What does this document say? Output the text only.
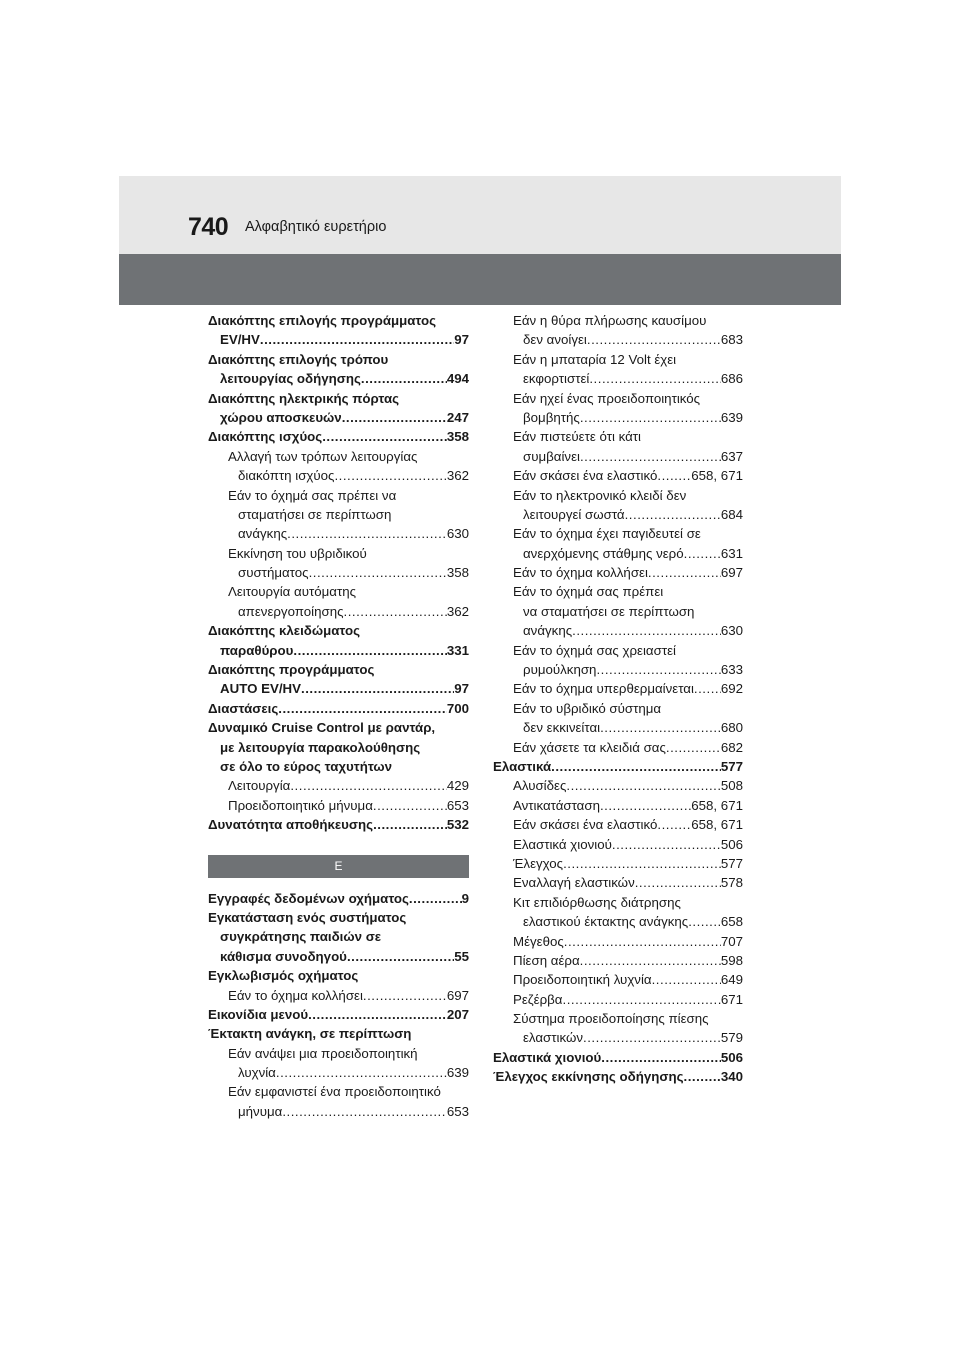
740 Αλφαβητικό ευρετήριο
Διακόπτης επιλογής προγράμματος
EV/HV .....	97
Διακόπτης επιλογής τρόπου
λειτουργίας οδήγησης .....	494
Διακόπτης ηλεκτρικής πόρτας
χώρου αποσκευών .....	247
Διακόπτης ισχύος .....	358
Αλλαγή των τρόπων λειτουργίας
διακόπτη ισχύος .....	362
Εάν το όχημά σας πρέπει να
σταματήσει σε περίπτωση
ανάγκης .....	630
Εκκίνηση του υβριδικού
συστήματος .....	358
Λειτουργία αυτόματης
απενεργοποίησης .....	362
Διακόπτης κλειδώματος
παραθύρου .....	331
Διακόπτης προγράμματος
AUTO EV/HV .....	97
Διαστάσεις .....	700
Δυναμικό Cruise Control με ραντάρ,
με λειτουργία παρακολούθησης
σε όλο το εύρος ταχυτήτων
Λειτουργία .....	429
Προειδοποιητικό μήνυμα .....	653
Δυνατότητα αποθήκευσης .....	532
Ε
Εγγραφές δεδομένων οχήματος .....	9
Εγκατάσταση ενός συστήματος
συγκράτησης παιδιών σε
κάθισμα συνοδηγού .....	55
Εγκλωβισμός οχήματος
Εάν το όχημα κολλήσει .....	697
Εικονίδια μενού .....	207
Έκτακτη ανάγκη, σε περίπτωση
Εάν ανάψει μια προειδοποιητική
λυχνία .....	639
Εάν εμφανιστεί ένα προειδοποιητικό
μήνυμα .....	653
Εάν η θύρα πλήρωσης καυσίμου
δεν ανοίγει .....	683
Εάν η μπαταρία 12 Volt έχει
εκφορτιστεί .....	686
Εάν ηχεί ένας προειδοποιητικός
βομβητής .....	639
Εάν πιστεύετε ότι κάτι
συμβαίνει .....	637
Εάν σκάσει ένα ελαστικό .....	658, 671
Εάν το ηλεκτρονικό κλειδί δεν
λειτουργεί σωστά .....	684
Εάν το όχημα έχει παγιδευτεί σε
ανερχόμενης στάθμης νερό .....	631
Εάν το όχημα κολλήσει .....	697
Εάν το όχημά σας πρέπει
να σταματήσει σε περίπτωση
ανάγκης .....	630
Εάν το όχημά σας χρειαστεί
ρυμούλκηση .....	633
Εάν το όχημα υπερθερμαίνεται ..... 692
Εάν το υβριδικό σύστημα
δεν εκκινείται .....	680
Εάν χάσετε τα κλειδιά σας .....	682
Ελαστικά .....	577
Αλυσίδες .....	508
Αντικατάσταση .....	658, 671
Εάν σκάσει ένα ελαστικό .....	658, 671
Ελαστικά χιονιού .....	506
Έλεγχος .....	577
Εναλλαγή ελαστικών .....	578
Κιτ επιδιόρθωσης διάτρησης
ελαστικού έκτακτης ανάγκης ..... 658
Μέγεθος .....	707
Πίεση αέρα .....	598
Προειδοποιητική λυχνία .....	649
Ρεζέρβα .....	671
Σύστημα προειδοποίησης πίεσης
ελαστικών .....	579
Ελαστικά χιονιού .....	506
Έλεγχος εκκίνησης οδήγησης .....	340
